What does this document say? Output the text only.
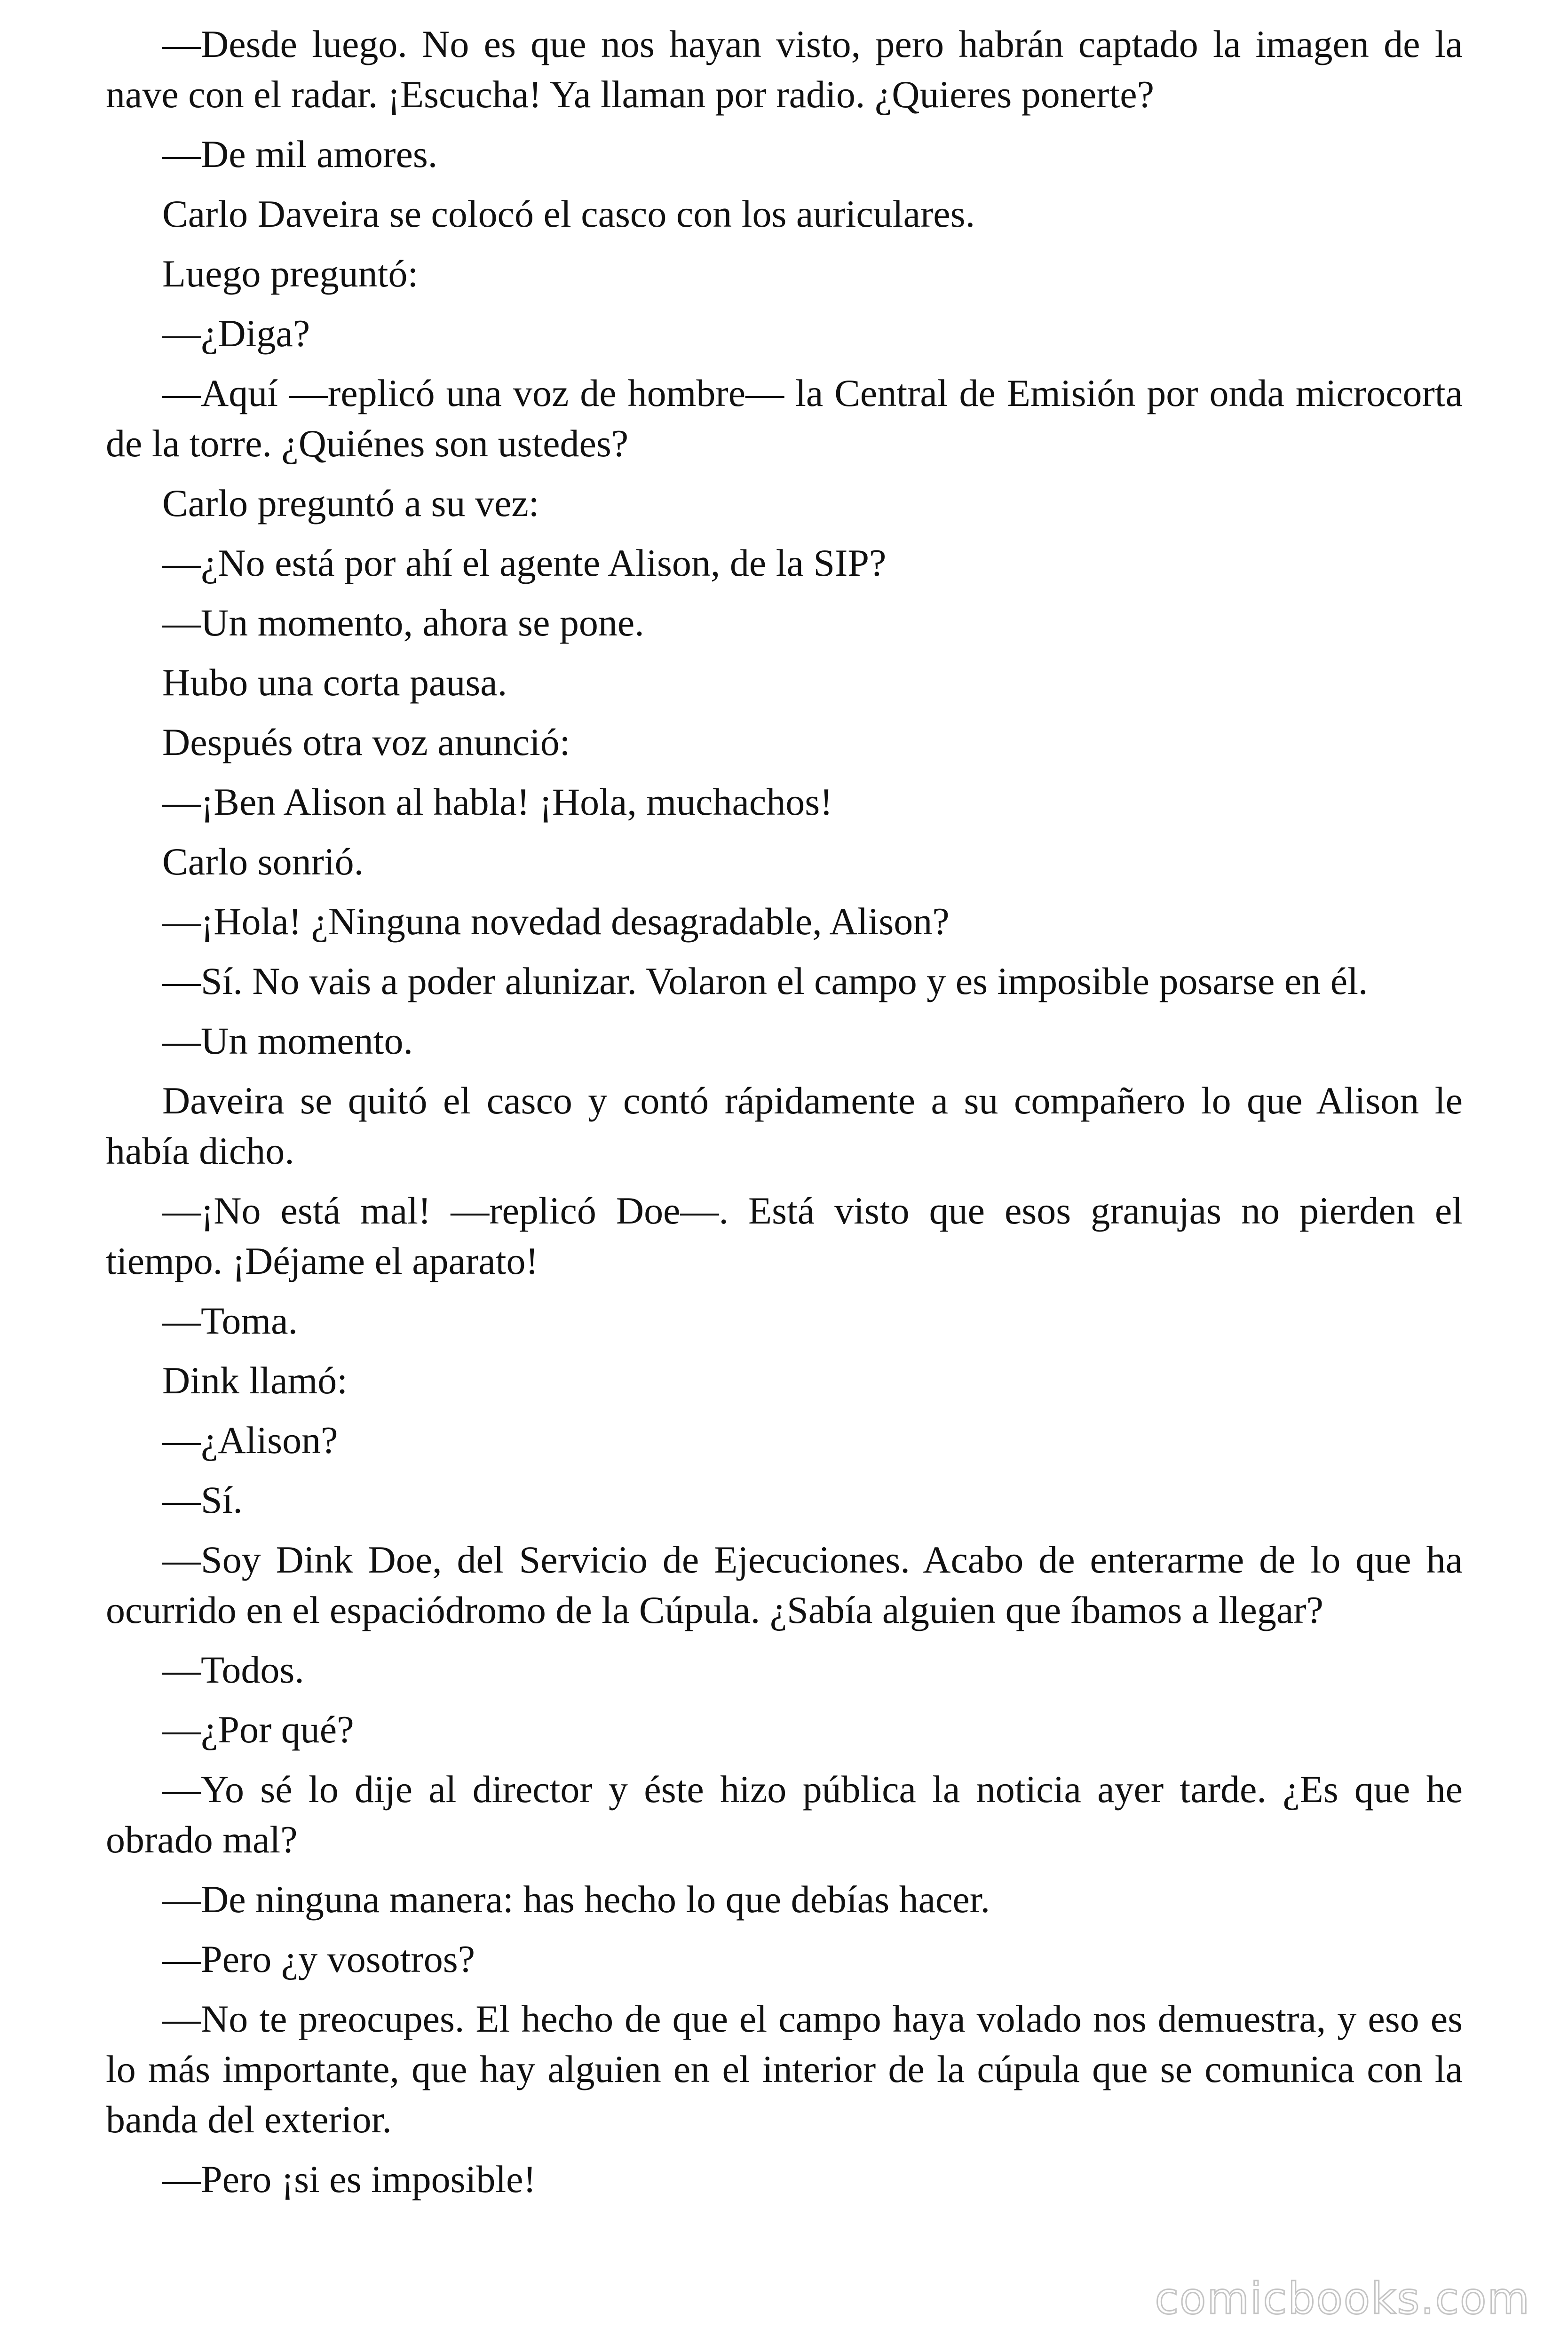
—Desde luego. No es que nos hayan visto, pero habrán captado la imagen de la nave con el radar. ¡Escucha! Ya llaman por radio. ¿Quieres ponerte?

—De mil amores.

Carlo Daveira se colocó el casco con los auriculares.

Luego preguntó:

—¿Diga?

—Aquí —replicó una voz de hombre— la Central de Emisión por onda microcorta de la torre. ¿Quiénes son ustedes?

Carlo preguntó a su vez:

—¿No está por ahí el agente Alison, de la SIP?

—Un momento, ahora se pone.

Hubo una corta pausa.

Después otra voz anunció:

—¡Ben Alison al habla! ¡Hola, muchachos!

Carlo sonrió.

—¡Hola! ¿Ninguna novedad desagradable, Alison?

—Sí. No vais a poder alunizar. Volaron el campo y es imposible posarse en él.

—Un momento.

Daveira se quitó el casco y contó rápidamente a su compañero lo que Alison le había dicho.

—¡No está mal! —replicó Doe—. Está visto que esos granujas no pierden el tiempo. ¡Déjame el aparato!

—Toma.

Dink llamó:

—¿Alison?

—Sí.

—Soy Dink Doe, del Servicio de Ejecuciones. Acabo de enterarme de lo que ha ocurrido en el espaciódromo de la Cúpula. ¿Sabía alguien que íbamos a llegar?

—Todos.

—¿Por qué?

—Yo sé lo dije al director y éste hizo pública la noticia ayer tarde. ¿Es que he obrado mal?

—De ninguna manera: has hecho lo que debías hacer.

—Pero ¿y vosotros?

—No te preocupes. El hecho de que el campo haya volado nos demuestra, y eso es lo más importante, que hay alguien en el interior de la cúpula que se comunica con la banda del exterior.

—Pero ¡si es imposible!

comicbooks.com
